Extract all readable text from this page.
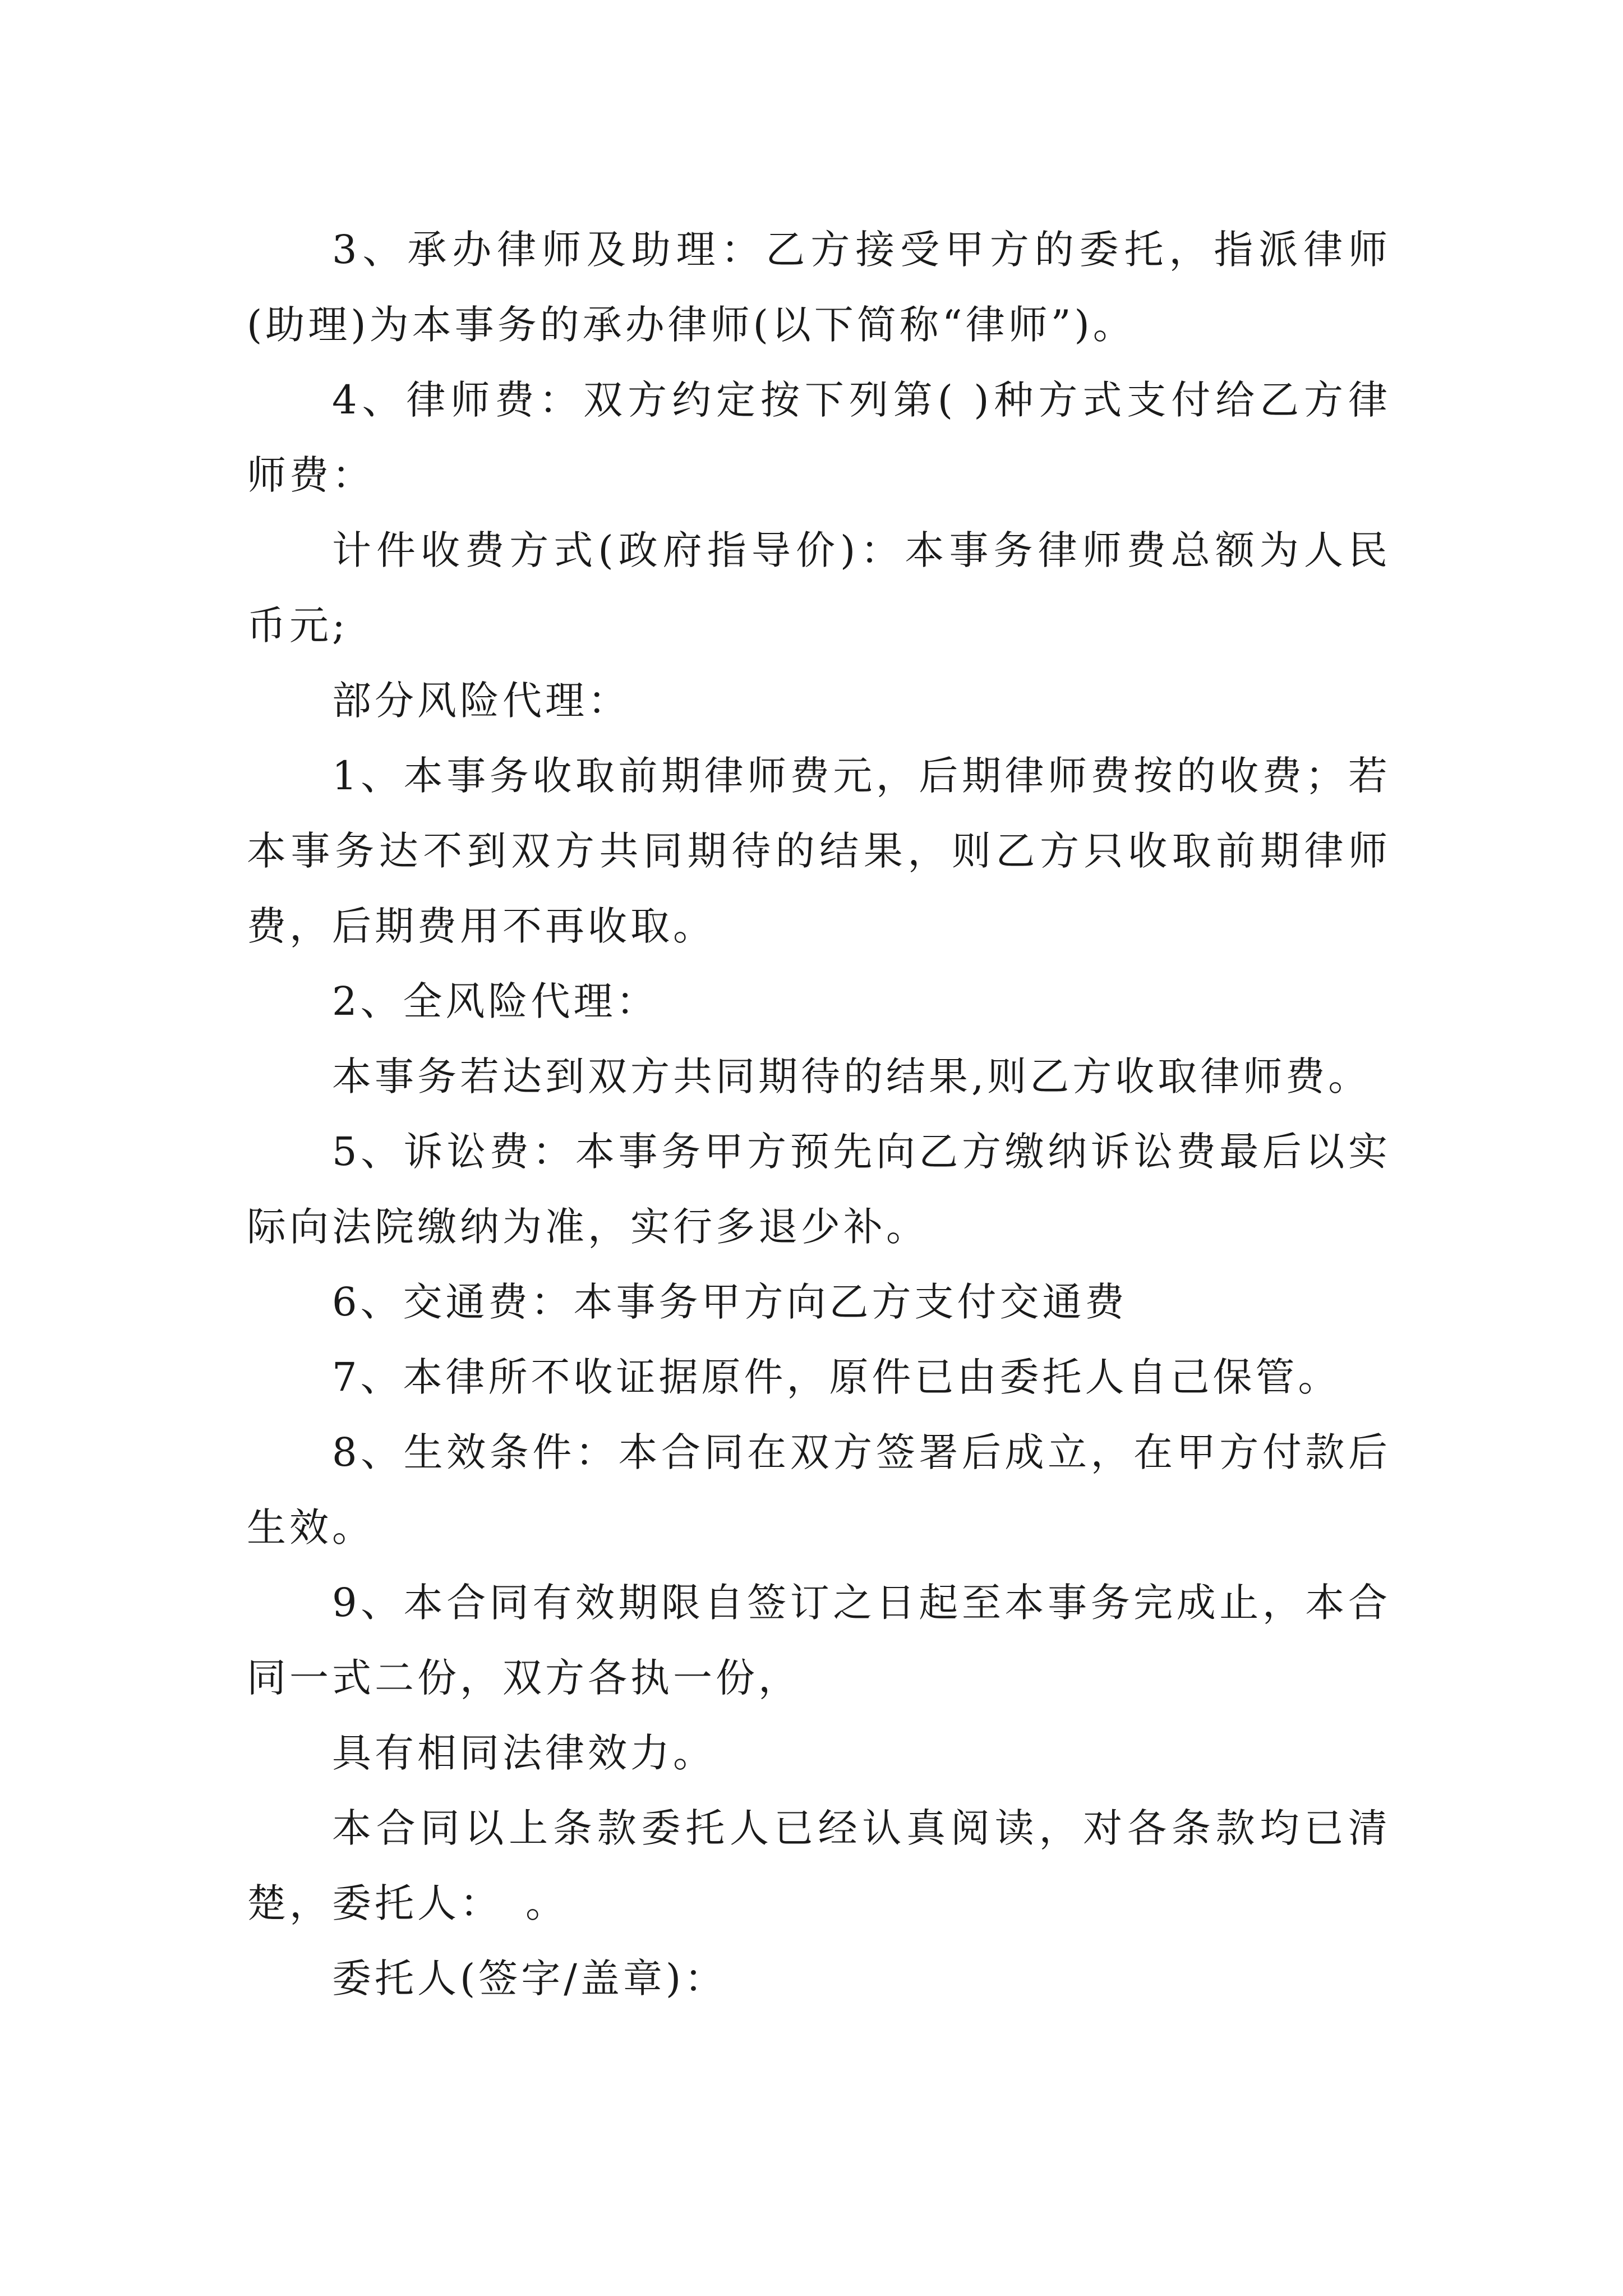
3、承办律师及助理：乙方接受甲方的委托，指派律师(助理)为本事务的承办律师(以下简称“律师”)。

4、律师费：双方约定按下列第( )种方式支付给乙方律师费：

计件收费方式(政府指导价)：本事务律师费总额为人民币元;

部分风险代理：

1、本事务收取前期律师费元，后期律师费按的收费；若本事务达不到双方共同期待的结果，则乙方只收取前期律师费，后期费用不再收取。

2、全风险代理：

本事务若达到双方共同期待的结果,则乙方收取律师费。

5、诉讼费：本事务甲方预先向乙方缴纳诉讼费最后以实际向法院缴纳为准，实行多退少补。

6、交通费：本事务甲方向乙方支付交通费

7、本律所不收证据原件，原件已由委托人自己保管。

8、生效条件：本合同在双方签署后成立，在甲方付款后生效。

9、本合同有效期限自签订之日起至本事务完成止，本合同一式二份，双方各执一份，

具有相同法律效力。

本合同以上条款委托人已经认真阅读，对各条款均已清楚，委托人：　。

委托人(签字/盖章)：
